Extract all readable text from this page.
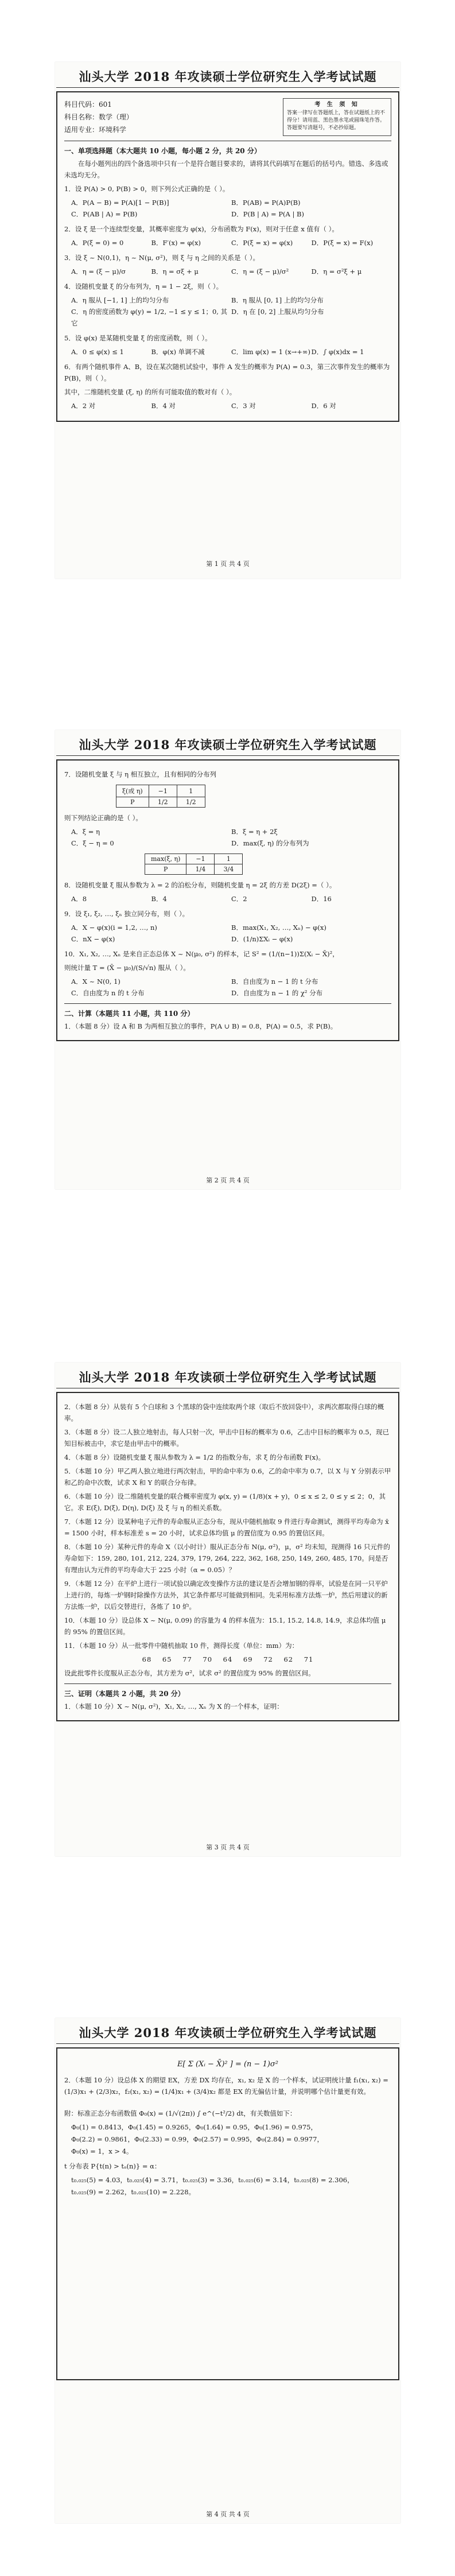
汕头大学 2018 年攻读硕士学位研究生入学考试试题
科目代码：601
科目名称：数学（理）
适用专业：环境科学
考 生 须 知
答案一律写在答题纸上，答在试题纸上的不得分！请用蓝、黑色墨水笔或圆珠笔作答。答题要写清题号，不必抄原题。
一、单项选择题（本大题共 10 小题，每小题 2 分，共 20 分）
在每小题列出的四个备选项中只有一个是符合题目要求的，请将其代码填写在题后的括号内。错选、多选或未选均无分。
1．设 P(A) > 0, P(B) > 0，则下列公式正确的是（ ）。
A．P(A − B) = P(A)[1 − P(B)]	B．P(AB) = P(A)P(B)
C．P(AB | A) = P(B)	D．P(B | A) = P(A | B)
2．设 ξ 是一个连续型变量，其概率密度为 φ(x)，分布函数为 F(x)，则对于任意 x 值有（ ）。
A．P(ξ = 0) = 0	B．F′(x) = φ(x)	C．P(ξ = x) = φ(x)	D．P(ξ = x) = F(x)
3．设 ξ ~ N(0,1)，η ~ N(μ, σ²)，则 ξ 与 η 之间的关系是（ ）。
A．η = (ξ − μ)/σ	B．η = σξ + μ	C．η = (ξ − μ)/σ²	D．η = σ²ξ + μ
4．设随机变量 ξ 的分布列为，η = 1 − 2ξ，则（ ）。
A．η 服从 [−1, 1] 上的均匀分布	B．η 服从 [0, 1] 上的均匀分布
C．η 的密度函数为 φ(y) = 1/2, −1 ≤ y ≤ 1；0, 其它
D．η 在 [0, 2] 上服从均匀分布
5．设 φ(x) 是某随机变量 ξ 的密度函数，则（ ）。
A．0 ≤ φ(x) ≤ 1	B．φ(x) 单调不减	C．lim φ(x) = 1 (x→+∞) D．∫ φ(x)dx = 1
6．有两个随机事件 A、B，设在某次随机试验中，事件 A 发生的概率为 P(A) = 0.3，第三次事件发生的概率为 P(B)，则（ ）。
其中，二维随机变量 (ξ, η) 的所有可能取值的数对有（ ）。
A．2 对	B．4 对	C．3 对	D．6 对
第 1 页 共 4 页
汕头大学 2018 年攻读硕士学位研究生入学考试试题
7．设随机变量 ξ 与 η 相互独立，且有相同的分布列
ξ(或 η)	−1	1
P	1/2	1/2
则下列结论正确的是（ ）。
A．ξ = η	B．ξ = η + 2ξ
C．ξ − η = 0	D．max(ξ, η) 的分布列为
max(ξ, η)	−1	1
P	1/4	3/4
8．设随机变量 ξ 服从参数为 λ = 2 的泊松分布，则随机变量 η = 2ξ 的方差 D(2ξ) =（ ）。
A．8	B．4	C．2	D．16
9．设 ξ₁, ξ₂, …, ξₙ 独立同分布，则（ ）。
A．X − φ(x)(i = 1,2, …, n)	B．max(X₁, X₂, …, Xₙ) − φ(x)
C．nX − φ(x)	D．(1/n)ΣXᵢ − φ(x)
10．X₁, X₂, …, Xₙ 是来自正态总体 X ~ N(μ₀, σ²) 的样本，记 S² = (1/(n−1))Σ(Xᵢ − X̄)²，
则统计量 T = (X̄ − μ₀)/(S/√n) 服从（ ）。
A．X ~ N(0, 1)	B．自由度为 n − 1 的 t 分布
C．自由度为 n 的 t 分布	D．自由度为 n − 1 的 χ² 分布
二、计算（本题共 11 小题，共 110 分）
1．（本题 8 分）设 A 和 B 为两相互独立的事件，P(A ∪ B) = 0.8，P(A) = 0.5，求 P(B)。
第 2 页 共 4 页
汕头大学 2018 年攻读硕士学位研究生入学考试试题
2．（本题 8 分）从装有 5 个白球和 3 个黑球的袋中连续取两个球（取后不放回袋中），求两次都取得白球的概率。
3．（本题 8 分）设二人独立地射击，每人只射一次，甲击中目标的概率为 0.6，乙击中目标的概率为 0.5，现已知目标被击中，求它是由甲击中的概率。
4．（本题 8 分）设随机变量 ξ 服从参数为 λ = 1/2 的指数分布，求 ξ 的分布函数 F(x)。
5．（本题 10 分）甲乙两人独立地进行两次射击，甲的命中率为 0.6，乙的命中率为 0.7，以 X 与 Y 分别表示甲和乙的命中次数，试求 X 和 Y 的联合分布律。
6．（本题 10 分）设二维随机变量的联合概率密度为 φ(x, y) = (1/8)(x + y)，0 ≤ x ≤ 2, 0 ≤ y ≤ 2；0，其它。求 E(ξ), D(ξ), D(η), D(ξ) 及 ξ 与 η 的相关系数。
7．（本题 12 分）设某种电子元件的寿命服从正态分布，现从中随机抽取 9 件进行寿命测试，测得平均寿命为 x̄ = 1500 小时，样本标准差 s = 20 小时，试求总体均值 μ 的置信度为 0.95 的置信区间。
8．（本题 10 分）某种元件的寿命 X（以小时计）服从正态分布 N(μ, σ²)，μ，σ² 均未知，现测得 16 只元件的寿命如下：159, 280, 101, 212, 224, 379, 179, 264, 222, 362, 168, 250, 149, 260, 485, 170。问是否有理由认为元件的平均寿命大于 225 小时（α = 0.05）？
9．（本题 12 分）在平炉上进行一项试验以确定改变操作方法的建议是否会增加钢的得率，试验是在同一只平炉上进行的，每炼一炉钢时除操作方法外，其它条件都尽可能做到相同。先采用标准方法炼一炉，然后用建议的新方法炼一炉，以后交替进行，各炼了 10 炉。
10．（本题 10 分）设总体 X ~ N(μ, 0.09) 的容量为 4 的样本值为：15.1, 15.2, 14.8, 14.9，求总体均值 μ 的 95% 的置信区间。
11．（本题 10 分）从一批零件中随机抽取 10 件，测得长度（单位：mm）为：
68    65    77    70    64    69    72    62    71
设此批零件长度服从正态分布，其方差为 σ²，试求 σ² 的置信度为 95% 的置信区间。
三、证明（本题共 2 小题，共 20 分）
1．（本题 10 分）X ~ N(μ, σ²)，X₁, X₂, …, Xₙ 为 X 的一个样本，证明：
第 3 页 共 4 页
汕头大学 2018 年攻读硕士学位研究生入学考试试题
E[ Σ (Xᵢ − X̄)² ] = (n − 1)σ²
2．（本题 10 分）设总体 X 的期望 EX，方差 DX 均存在，x₁, x₂ 是 X 的一个样本，试证明统计量 f₁(x₁, x₂) = (1/3)x₁ + (2/3)x₂，f₂(x₁, x₂) = (1/4)x₁ + (3/4)x₂ 都是 EX 的无偏估计量，并说明哪个估计量更有效。
附：标准正态分布函数值 Φ₀(x) = (1/√(2π)) ∫ e^(−t²/2) dt，有关数值如下：
Φ₀(1) = 0.8413，Φ₀(1.45) = 0.9265，Φ₀(1.64) = 0.95，Φ₀(1.96) = 0.975，
Φ₀(2.2) = 0.9861，Φ₀(2.33) = 0.99，Φ₀(2.57) = 0.995，Φ₀(2.84) = 0.9977，
Φ₀(x) = 1，x > 4。
t 分布表 P{t(n) > tₐ(n)} = α：
t₀.₀₂₅(5) = 4.03，t₀.₀₂₅(4) = 3.71，t₀.₀₂₅(3) = 3.36，t₀.₀₂₅(6) = 3.14，t₀.₀₂₅(8) = 2.306，
t₀.₀₂₅(9) = 2.262，t₀.₀₂₅(10) = 2.228。
第 4 页 共 4 页
